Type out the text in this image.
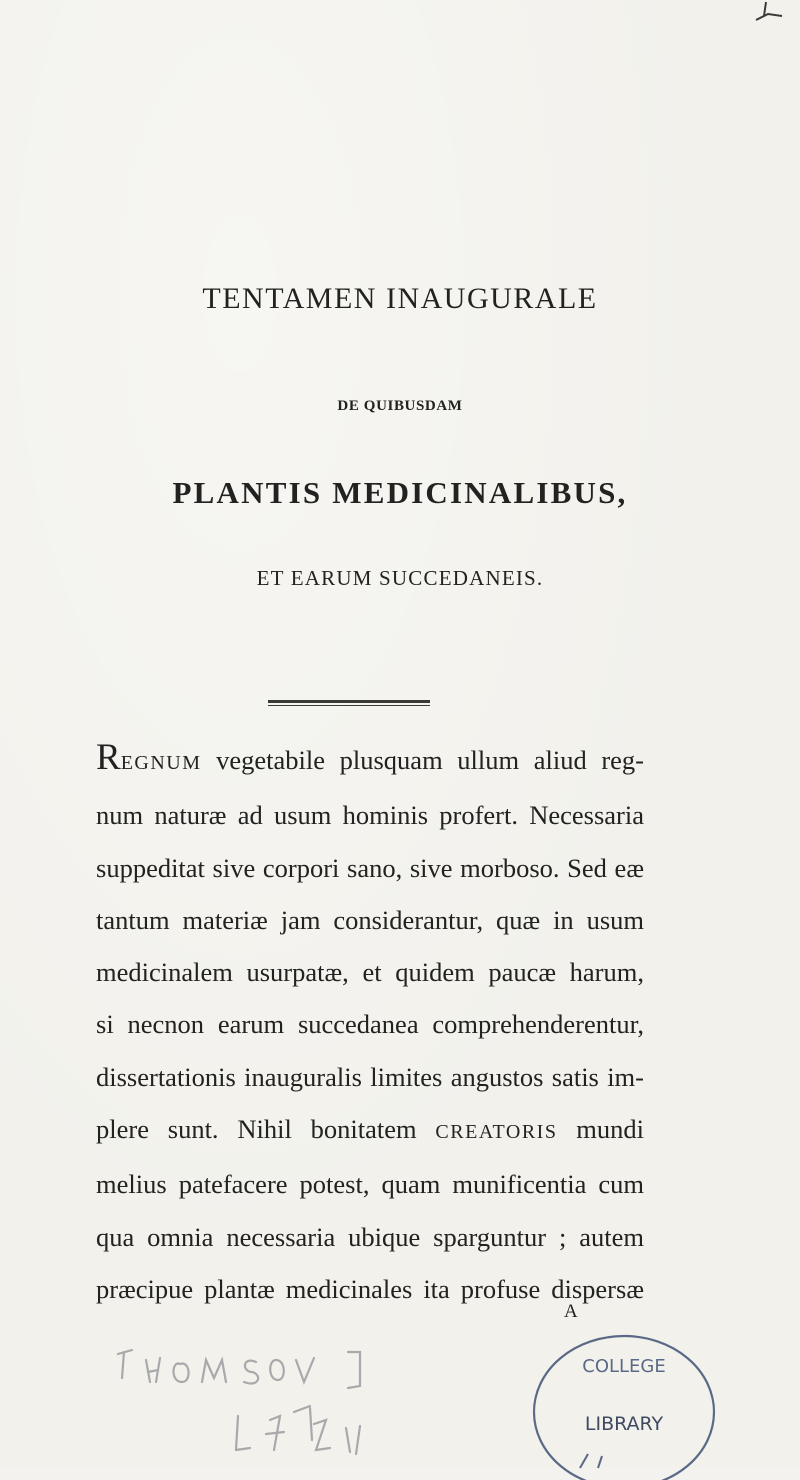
TENTAMEN INAUGURALE
DE QUIBUSDAM
PLANTIS MEDICINALIBUS,
ET EARUM SUCCEDANEIS.
REGNUM vegetabile plusquam ullum aliud reg-
num naturæ ad usum hominis profert. Necessaria
suppeditat sive corpori sano, sive morboso. Sed eæ
tantum materiæ jam considerantur, quæ in usum
medicinalem usurpatæ, et quidem paucæ harum,
si necnon earum succedanea comprehenderentur,
dissertationis inauguralis limites angustos satis im-
plere sunt. Nihil bonitatem CREATORIS mundi
melius patefacere potest, quam munificentia cum
qua omnia necessaria ubique sparguntur ; autem
præcipue plantæ medicinales ita profuse dispersæ
A
COLLEGE
LIBRARY
